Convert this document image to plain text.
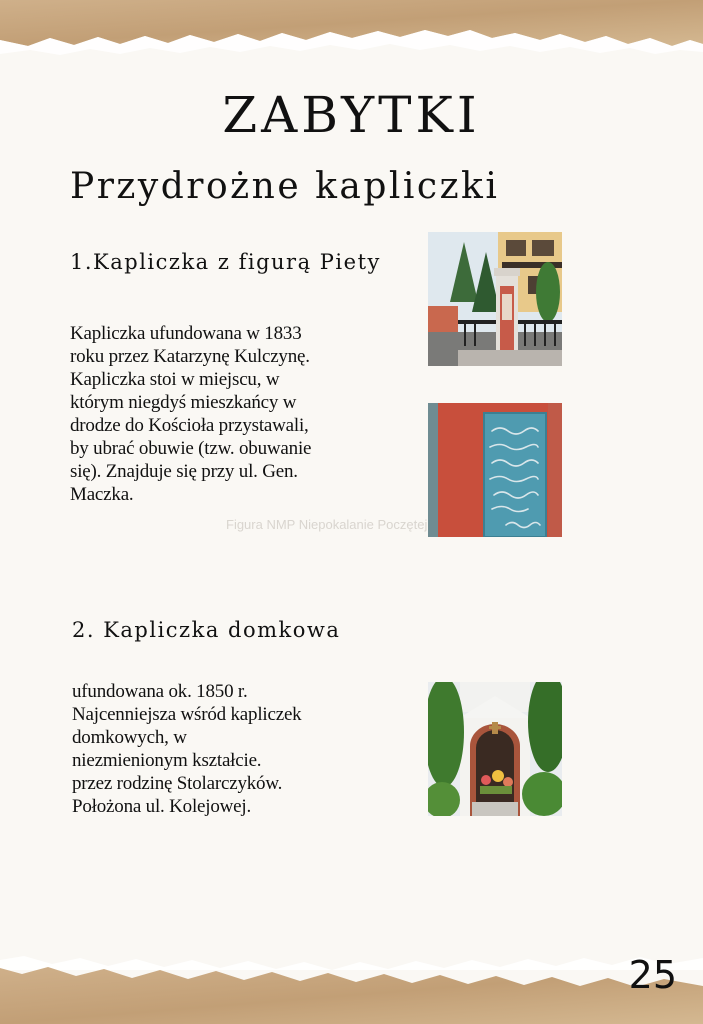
ZABYTKI
Przydrożne kapliczki
1.Kapliczka z figurą Piety

Kapliczka ufundowana w 1833
roku przez Katarzynę Kulczynę.
Kapliczka stoi w miejscu, w
którym niegdyś mieszkańcy w
drodze do Kościoła przystawali,
by ubrać obuwie (tzw. obuwanie
się). Znajduje się przy ul. Gen.
Maczka.

Figura NMP Niepokalanie Poczętej
2. Kapliczka domkowa

ufundowana ok. 1850 r.
Najcenniejsza wśród kapliczek
domkowych, w
niezmienionym kształcie.
przez rodzinę Stolarczyków.
Położona ul. Kolejowej.

25
